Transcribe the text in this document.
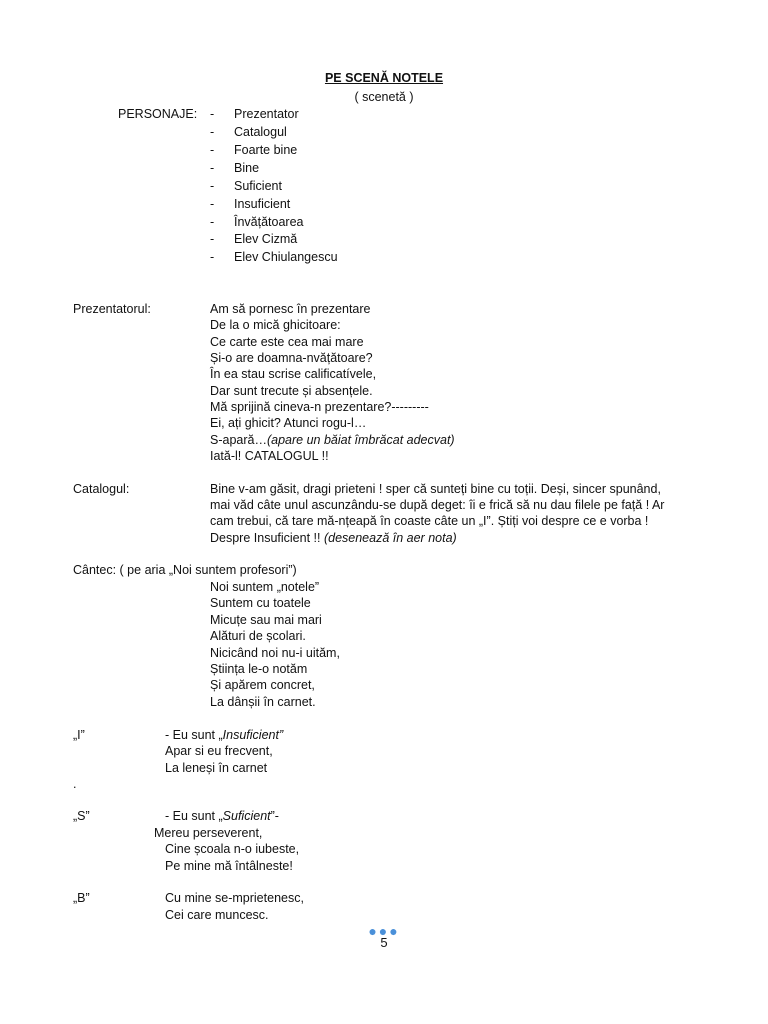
PE SCENĂ NOTELE
( scenetă )
PERSONAJE: - Prezentator
- Catalogul
- Foarte bine
- Bine
- Suficient
- Insuficient
- Învățătoarea
- Elev Cizmă
- Elev Chiulangescu
Prezentatorul:	Am să pornesc în prezentare
De la o mică ghicitoare:
Ce carte este cea mai mare
Și-o are doamna-nvățătoare?
În ea stau scrise calificatívele,
Dar sunt trecute și absențele.
Mă sprijină cineva-n prezentare?---------
Ei, ați ghicit? Atunci rogu-l…
S-apară…(apare un băiat îmbrăcat adecvat)
Iată-l! CATALOGUL !!
Catalogul:	Bine v-am găsit, dragi prieteni ! sper că sunteți bine cu toții. Deși, sincer spunând,
mai văd câte unul ascunzându-se după deget: îi e frică să nu dau filele pe față ! Ar
cam trebui, că tare mă-nțeapă în coaste câte un „I”. Știți voi despre ce e vorba !
Despre Insuficient !! (desenează în aer nota)
Cântec: ( pe aria „Noi suntem profesori”)
Noi suntem „notele”
Suntem cu toatele
Micuțe sau mai mari
Alături de școlari.
Nicicând noi nu-i uităm,
Știința le-o notăm
Și apărem concret,
La dânșii în carnet.
„I”	- Eu sunt „Insuficient”
Apar si eu frecvent,
La leneși în carnet
.
„S”	- Eu sunt „Suficient”-
Mereu perseverent,
Cine școala n-o iubeste,
Pe mine mă întâlneste!
„B”	Cu mine se-mprietenesc,
Cei care muncesc.
●●●
5
